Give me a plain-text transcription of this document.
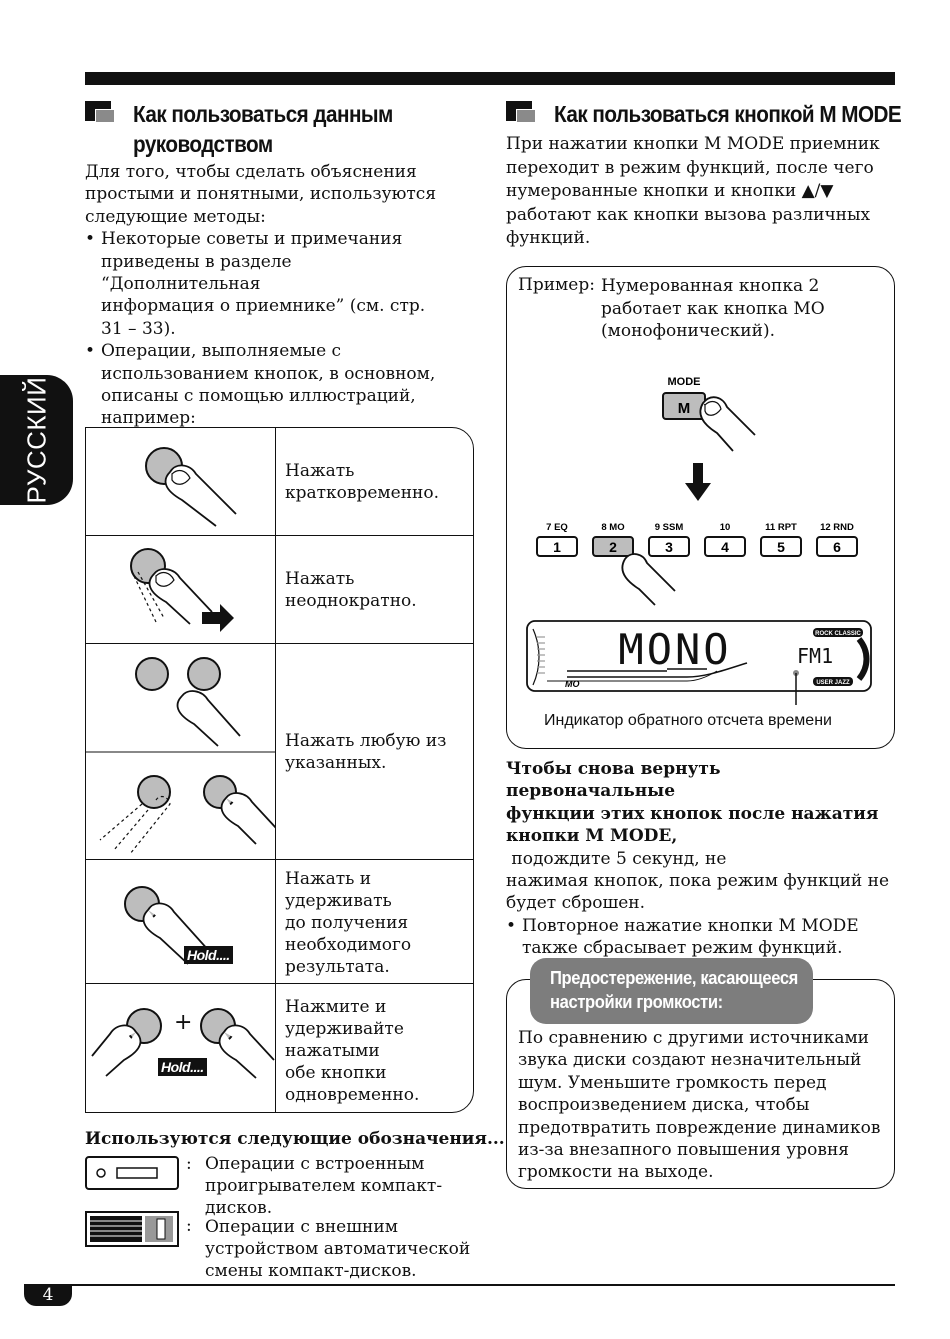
Как пользоваться данным
руководством
Для того, чтобы сделать объяснения
простыми и понятными, используются
следующие методы:
• Некоторые советы и примечания
приведены в разделе “Дополнительная
информация о приемнике” (см. стр.
31 – 33).
• Операции, выполняемые с
использованием кнопок, в основном,
описаны с помощью иллюстраций,
например:
РУССКИЙ	Нажать
кратковременно.
Нажать
неоднократно.
Нажать любую из
указанных.
Hold....
Нажать и
удерживать
до получения
необходимого
результата.
+
Hold....
Нажмите и
удерживайте
нажатыми
обе кнопки
одновременно.
Используются следующие обозначения...
: Операции с встроенным
проигрывателем компакт-
дисков.
: Операции с внешним
устройством автоматической
смены компакт-дисков.
4
Как пользоваться кнопкой M MODE
При нажатии кнопки M MODE приемник
переходит в режим функций, после чего
нумерованные кнопки и кнопки ▲/▼
работают как кнопки вызова различных
функций.
Пример: Нумерованная кнопка 2
работает как кнопка MO
(монофонический).
MODE
M
7 EQ	8 MO	9 SSM	10	11 RPT 12 RND
1	2	3	4	5	6
MONO
MO
FM1
ROCK CLASSIC
USER JAZZ
Индикатор обратного отсчета времени
Чтобы снова вернуть первоначальные
функции этих кнопок после нажатия
кнопки M MODE, подождите 5 секунд, не
нажимая кнопок, пока режим функций не
будет сброшен.
• Повторное нажатие кнопки M MODE
также сбрасывает режим функций.
Предостережение, касающееся
настройки громкости:
По сравнению с другими источниками
звука диски создают незначительный
шум. Уменьшите громкость перед
воспроизведением диска, чтобы
предотвратить повреждение динамиков
из-за внезапного повышения уровня
громкости на выходе.
